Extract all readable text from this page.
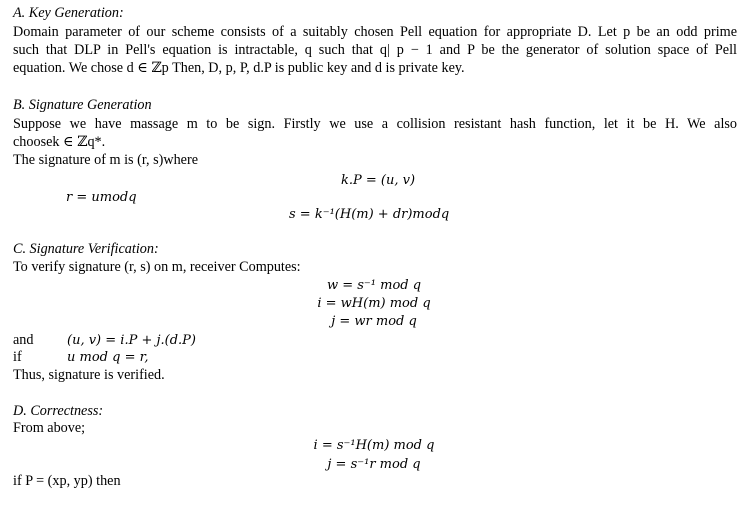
A. Key Generation:
Domain parameter of our scheme consists of a suitably chosen Pell equation for appropriate D. Let p be an odd prime
such that DLP in Pell's equation is intractable, q such that q| p − 1 and P be the generator of solution space of Pell
equation. We chose d ∈ ℤp Then, D, p, P, d.P is public key and d is private key.
B. Signature Generation
Suppose we have massage m to be sign. Firstly we use a collision resistant hash function, let it be H. We also
choosek ∈ ℤq*.
The signature of m is (r, s)where
k.P = (u, v)
r = umodq
s = k⁻¹(H(m) + dr)modq
C. Signature Verification:
To verify signature (r, s) on m, receiver Computes:
w = s⁻¹ mod q
i = wH(m) mod q
j = wr mod q
and	(u, v) = i.P + j.(d.P)
if	u mod q = r,
Thus, signature is verified.
D. Correctness:
From above;
i = s⁻¹H(m) mod q
j = s⁻¹r mod q
if P = (xp, yp) then
